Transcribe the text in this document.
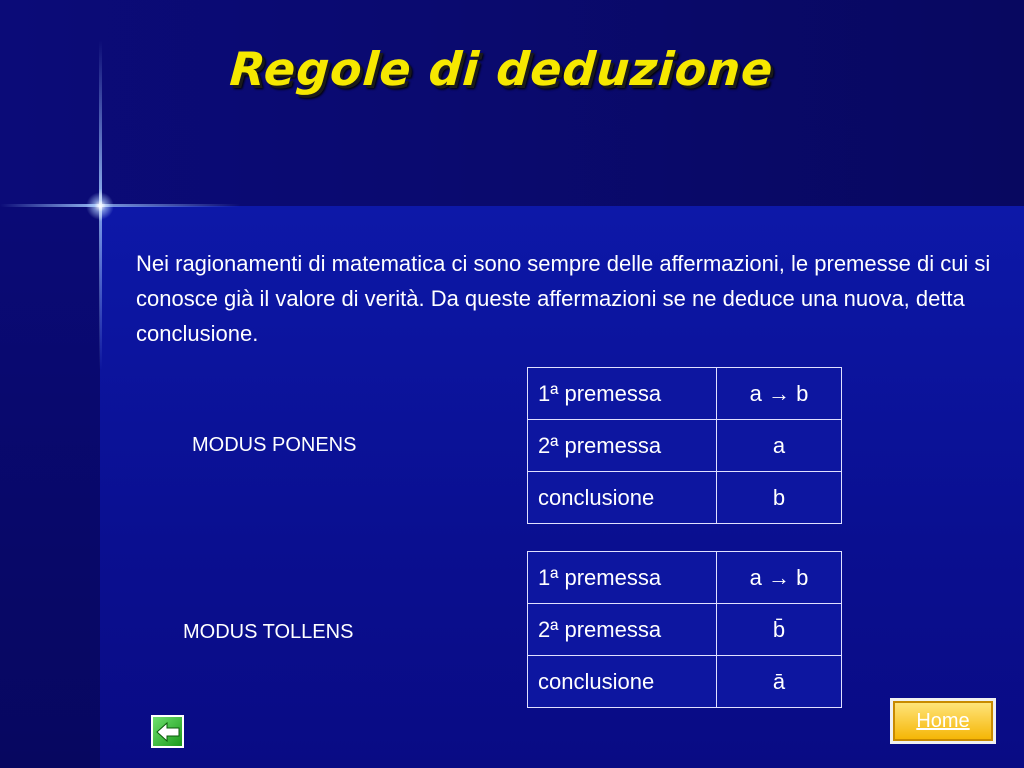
Regole di deduzione

Nei ragionamenti di matematica ci sono sempre delle affermazioni, le premesse di cui si conosce già il valore di verità. Da queste affermazioni se ne deduce una nuova, detta conclusione.

MODUS PONENS
1ª premessa	a → b
2ª premessa	a
conclusione	b
MODUS TOLLENS
1ª premessa	a → b
2ª premessa	b̄
conclusione	ā
Home
